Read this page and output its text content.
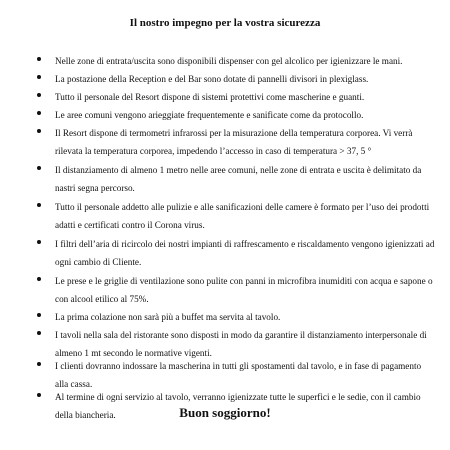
Il nostro impegno per la vostra sicurezza

Nelle zone di entrata/uscita sono disponibili dispenser con gel alcolico per igienizzare le mani.

La postazione della Reception e del Bar sono dotate di pannelli divisori in plexiglass.

Tutto il personale del Resort dispone di sistemi protettivi come mascherine e guanti.

Le aree comuni vengono arieggiate frequentemente e sanificate come da protocollo.

Il Resort dispone di termometri infrarossi per la misurazione della temperatura corporea. Vi verrà rilevata la temperatura corporea, impedendo l’accesso in caso di temperatura > 37, 5 °

Il distanziamento di almeno 1 metro nelle aree comuni, nelle zone di entrata e uscita è delimitato da nastri segna percorso.

Tutto il personale addetto alle pulizie e alle sanificazioni delle camere è formato per l’uso dei prodotti adatti e certificati contro il Corona virus.

I filtri dell’aria di ricircolo dei nostri impianti di raffrescamento e riscaldamento vengono igienizzati ad ogni cambio di Cliente.

Le prese e le griglie di ventilazione sono pulite con panni in microfibra inumiditi con acqua e sapone o con alcool etilico al 75%.

La prima colazione non sarà più a buffet ma servita al tavolo.

I tavoli nella sala del ristorante sono disposti in modo da garantire il distanziamento interpersonale di almeno 1 mt secondo le normative vigenti.

I clienti dovranno indossare la mascherina in tutti gli spostamenti dal tavolo, e in fase di pagamento alla cassa.

Al termine di ogni servizio al tavolo, verranno igienizzate tutte le superfici e le sedie, con il cambio della biancheria.	Buon soggiorno!
